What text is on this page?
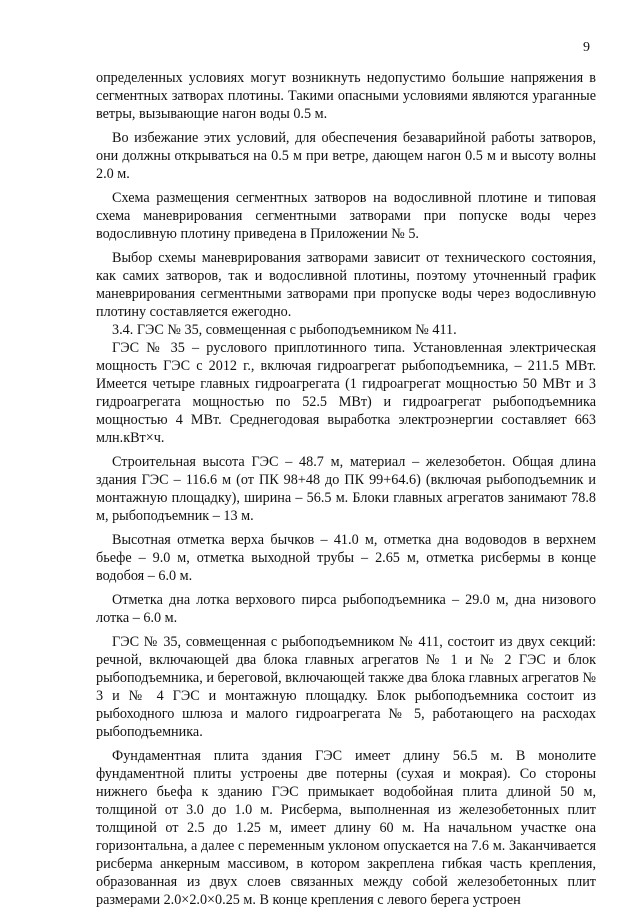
9

определенных условиях могут возникнуть недопустимо большие напряжения в сегментных затворах плотины. Такими опасными условиями являются ураганные ветры, вызывающие нагон воды 0.5 м.

Во избежание этих условий, для обеспечения безаварийной работы затворов, они должны открываться на 0.5 м при ветре, дающем нагон 0.5 м и высоту волны 2.0 м.

Схема размещения сегментных затворов на водосливной плотине и типовая схема маневрирования сегментными затворами при попуске воды через водосливную плотину приведена в Приложении № 5.

Выбор схемы маневрирования затворами зависит от технического состояния, как самих затворов, так и водосливной плотины, поэтому уточненный график маневрирования сегментными затворами при пропуске воды через водосливную плотину составляется ежегодно.

3.4. ГЭС № 35, совмещенная с рыбоподъемником № 411.

ГЭС № 35 – руслового приплотинного типа. Установленная электрическая мощность ГЭС с 2012 г., включая гидроагрегат рыбоподъемника, – 211.5 МВт. Имеется четыре главных гидроагрегата (1 гидроагрегат мощностью 50 МВт и 3 гидроагрегата мощностью по 52.5 МВт) и гидроагрегат рыбоподъемника мощностью 4 МВт. Среднегодовая выработка электроэнергии составляет 663 млн.кВт×ч.

Строительная высота ГЭС – 48.7 м, материал – железобетон. Общая длина здания ГЭС – 116.6 м (от ПК 98+48 до ПК 99+64.6) (включая рыбоподъемник и монтажную площадку), ширина – 56.5 м. Блоки главных агрегатов занимают 78.8 м, рыбоподъемник – 13 м.

Высотная отметка верха бычков – 41.0 м, отметка дна водоводов в верхнем бьефе – 9.0 м, отметка выходной трубы – 2.65 м, отметка рисбермы в конце водобоя – 6.0 м.

Отметка дна лотка верхового пирса рыбоподъемника – 29.0 м, дна низового лотка – 6.0 м.

ГЭС № 35, совмещенная с рыбоподъемником № 411, состоит из двух секций: речной, включающей два блока главных агрегатов № 1 и № 2 ГЭС и блок рыбоподъемника, и береговой, включающей также два блока главных агрегатов № 3 и № 4 ГЭС и монтажную площадку. Блок рыбоподъемника состоит из рыбоходного шлюза и малого гидроагрегата № 5, работающего на расходах рыбоподъемника.

Фундаментная плита здания ГЭС имеет длину 56.5 м. В монолите фундаментной плиты устроены две потерны (сухая и мокрая). Со стороны нижнего бьефа к зданию ГЭС примыкает водобойная плита длиной 50 м, толщиной от 3.0 до 1.0 м. Рисберма, выполненная из железобетонных плит толщиной от 2.5 до 1.25 м, имеет длину 60 м. На начальном участке она горизонтальна, а далее с переменным уклоном опускается на 7.6 м. Заканчивается рисберма анкерным массивом, в котором закреплена гибкая часть крепления, образованная из двух слоев связанных между собой железобетонных плит размерами 2.0×2.0×0.25 м. В конце крепления с левого берега устроен
